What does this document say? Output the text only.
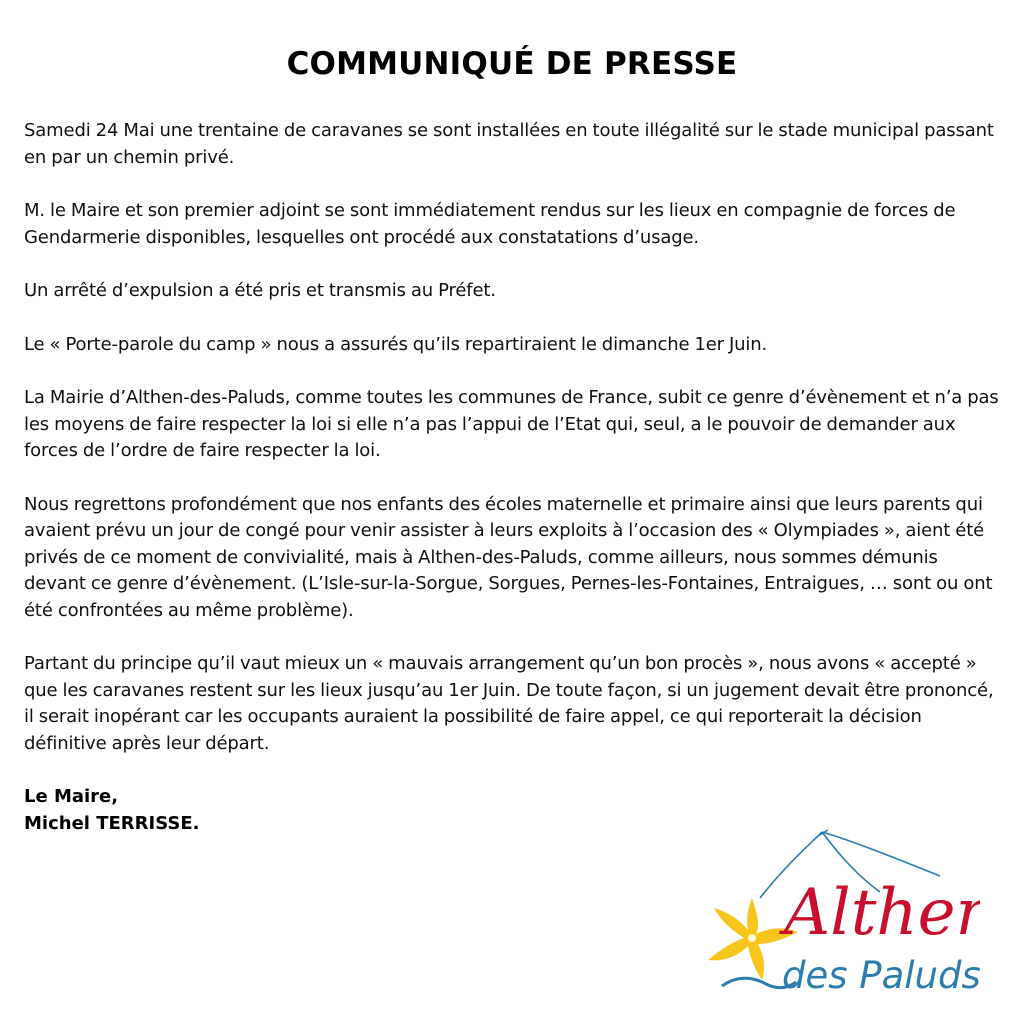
COMMUNIQUÉ DE PRESSE

Samedi 24 Mai une trentaine de caravanes se sont installées en toute illégalité sur le stade municipal passant en par un chemin privé.

M. le Maire et son premier adjoint se sont immédiatement rendus sur les lieux en compagnie de forces de Gendarmerie disponibles, lesquelles ont procédé aux constatations d’usage.

Un arrêté d’expulsion a été pris et transmis au Préfet.

Le « Porte-parole du camp » nous a assurés qu’ils repartiraient le dimanche 1er Juin.

La Mairie d’Althen-des-Paluds, comme toutes les communes de France, subit ce genre d’évènement et n’a pas les moyens de faire respecter la loi si elle n’a pas l’appui de l’Etat qui, seul, a le pouvoir de demander aux forces de l’ordre de faire respecter la loi.

Nous regrettons profondément que nos enfants des écoles maternelle et primaire ainsi que leurs parents qui avaient prévu un jour de congé pour venir assister à leurs exploits à l’occasion des « Olympiades », aient été privés de ce moment de convivialité, mais à Althen-des-Paluds, comme ailleurs, nous sommes démunis devant ce genre d’évènement. (L’Isle-sur-la-Sorgue, Sorgues, Pernes-les-Fontaines, Entraigues, … sont ou ont été confrontées au même problème).

Partant du principe qu’il vaut mieux un « mauvais arrangement qu’un bon procès », nous avons « accepté » que les caravanes restent sur les lieux jusqu’au 1er Juin. De toute façon, si un jugement devait être prononcé, il serait inopérant car les occupants auraient la possibilité de faire appel, ce qui reporterait la décision définitive après leur départ.

Le Maire,
Michel TERRISSE.
Althen
des Paluds
